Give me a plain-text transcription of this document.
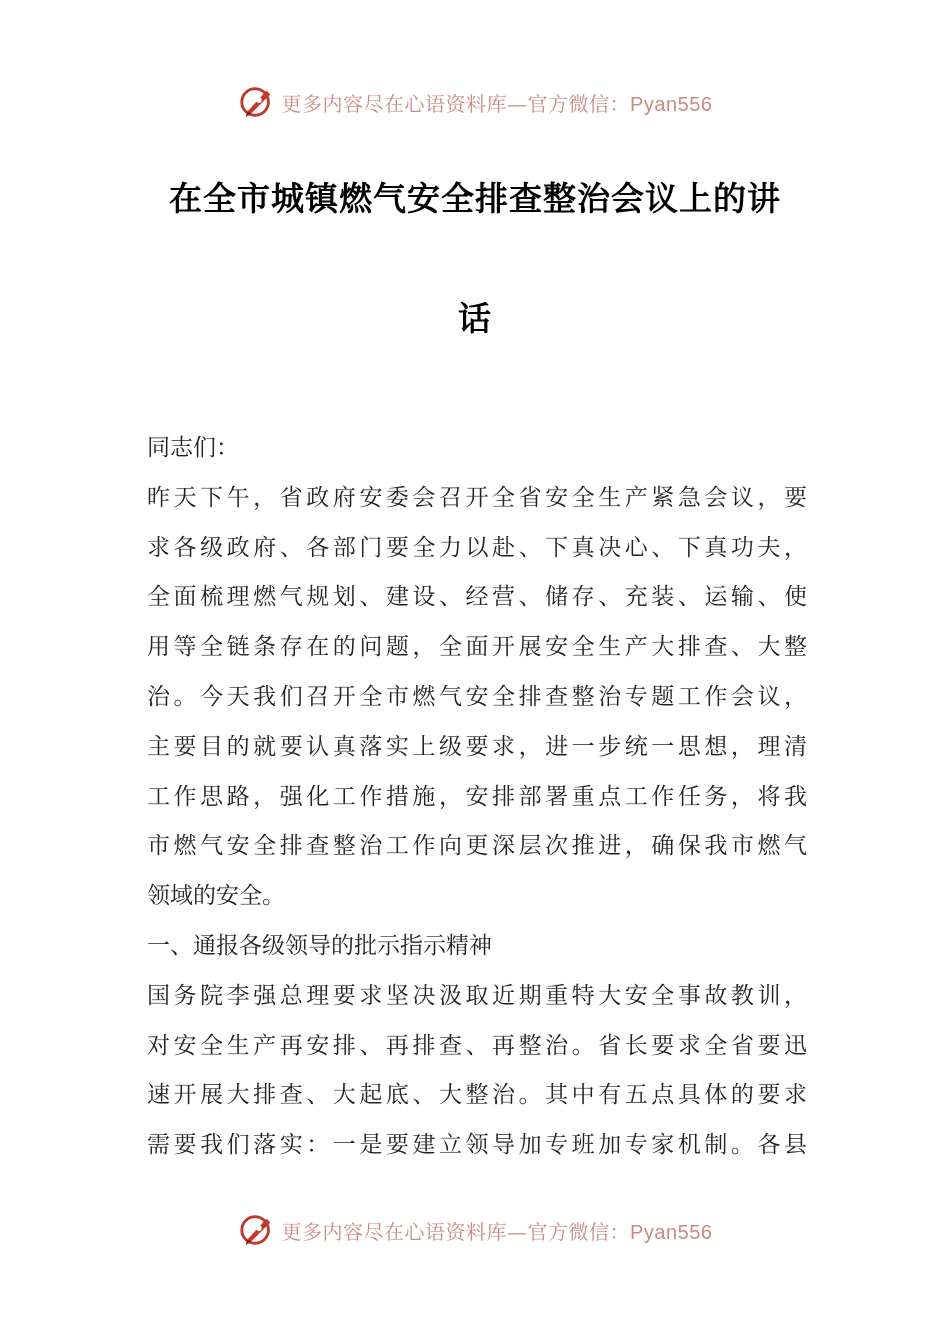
更多内容尽在心语资料库—官方微信：Pyan556
在全市城镇燃气安全排查整治会议上的讲
话
同志们：
昨天下午，省政府安委会召开全省安全生产紧急会议，要
求各级政府、各部门要全力以赴、下真决心、下真功夫，
全面梳理燃气规划、建设、经营、储存、充装、运输、使
用等全链条存在的问题，全面开展安全生产大排查、大整
治。今天我们召开全市燃气安全排查整治专题工作会议，
主要目的就要认真落实上级要求，进一步统一思想，理清
工作思路，强化工作措施，安排部署重点工作任务，将我
市燃气安全排查整治工作向更深层次推进，确保我市燃气
领域的安全。
一、通报各级领导的批示指示精神
国务院李强总理要求坚决汲取近期重特大安全事故教训，
对安全生产再安排、再排查、再整治。省长要求全省要迅
速开展大排查、大起底、大整治。其中有五点具体的要求
需要我们落实：一是要建立领导加专班加专家机制。各县
更多内容尽在心语资料库—官方微信：Pyan556
